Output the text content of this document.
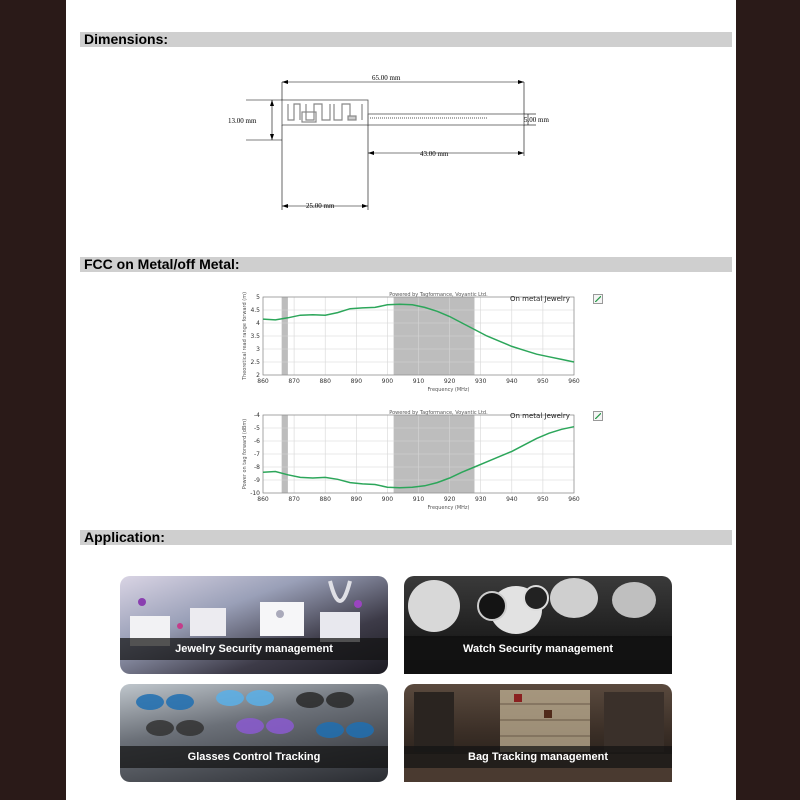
Dimensions:
65.00 mm
13.00 mm	5.00 mm
43.00 mm
25.00 mm
FCC on Metal/off Metal:
860	870	880	890	900	910	920	930	940	950	960
2
2.5
3
3.5
4
4.5
5	Powered by Tagformance, Voyantic Ltd.
Frequency (MHz)
Theoretical read range forward (m)	On metal Jewelry
860	870	880	890	900	910	920	930	940	950	960
-10
-9
-8
-7
-6
-5
-4	Powered by Tagformance, Voyantic Ltd.
Frequency (MHz)
Power on tag forward (dBm)
On metal Jewelry
Application:
Jewelry Security management	Watch Security management
Glasses Control Tracking	Bag Tracking management
